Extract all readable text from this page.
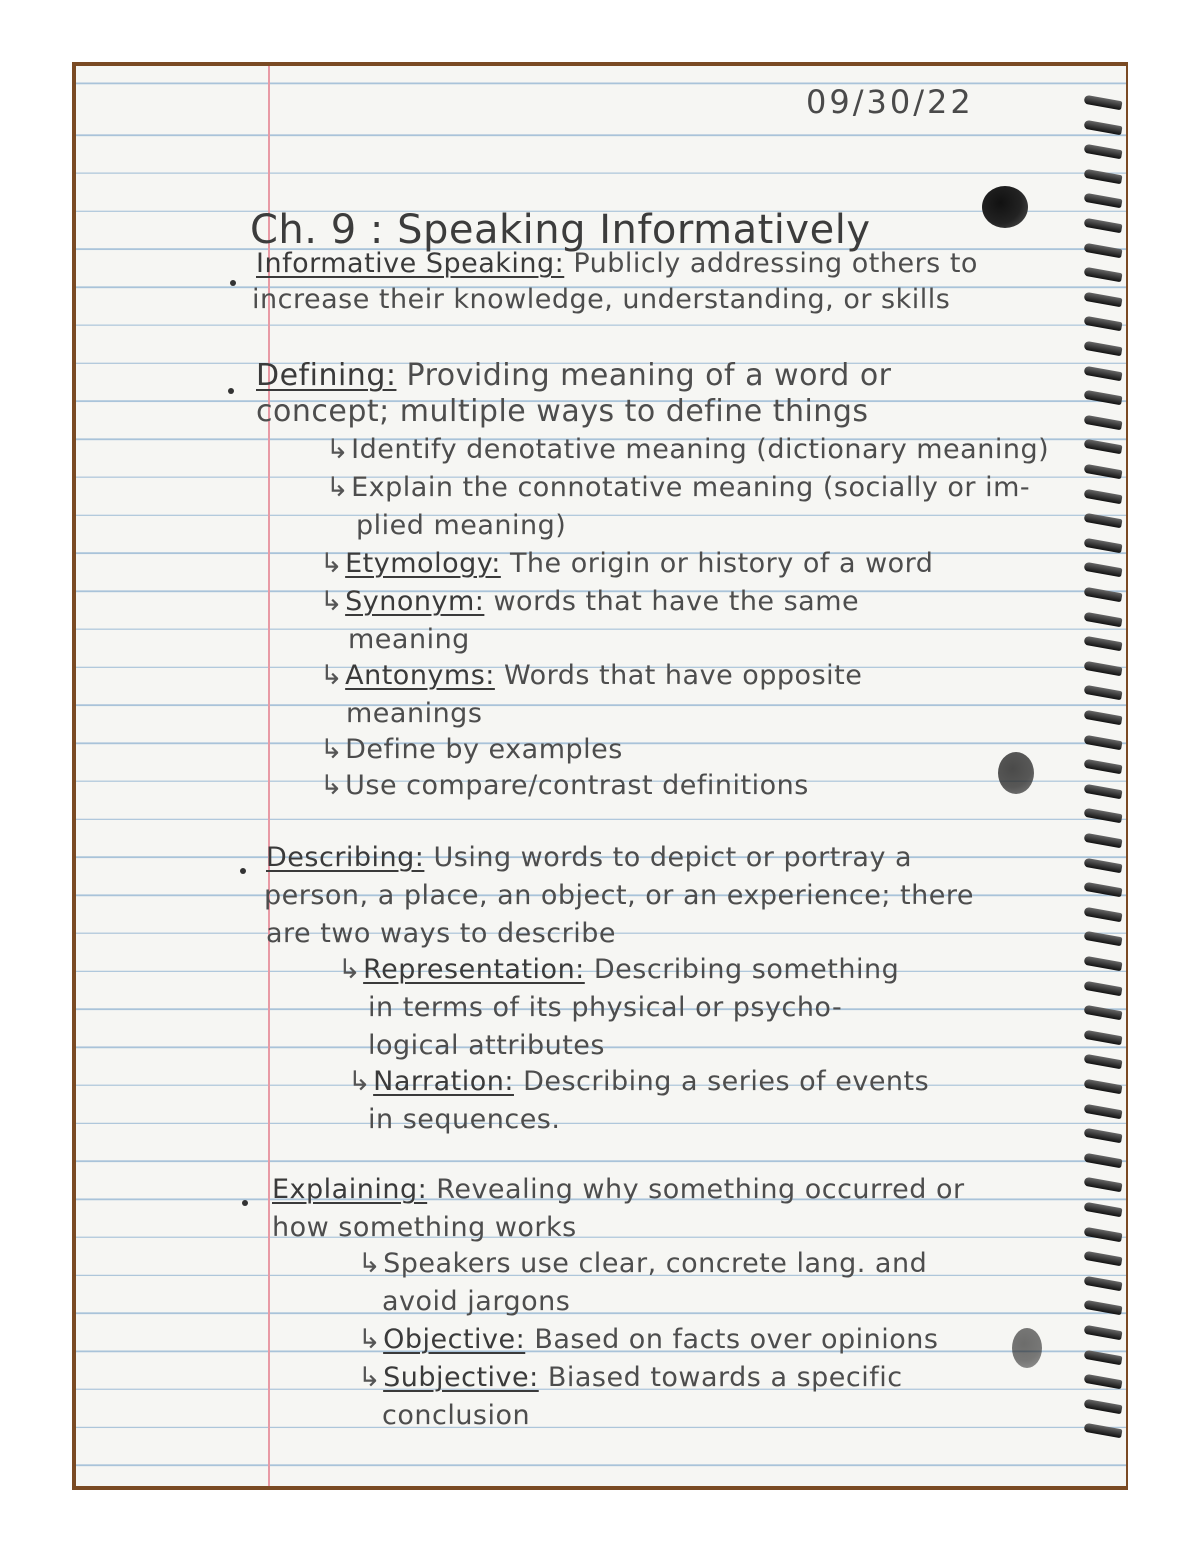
09/30/22
Ch. 9 : Speaking Informatively
Informative Speaking: Publicly addressing others to
increase their knowledge, understanding, or skills
Defining: Providing meaning of a word or
concept; multiple ways to define things
↳Identify denotative meaning (dictionary meaning)
↳Explain the connotative meaning (socially or im-
plied meaning)
↳Etymology: The origin or history of a word
↳Synonym: words that have the same
meaning
↳Antonyms: Words that have opposite
meanings
↳Define by examples
↳Use compare/contrast definitions
Describing: Using words to depict or portray a
person, a place, an object, or an experience; there
are two ways to describe
↳Representation: Describing something
in terms of its physical or psycho-
logical attributes
↳Narration: Describing a series of events
in sequences.
Explaining: Revealing why something occurred or
how something works
↳Speakers use clear, concrete lang. and
avoid jargons
↳Objective: Based on facts over opinions
↳Subjective: Biased towards a specific
conclusion
